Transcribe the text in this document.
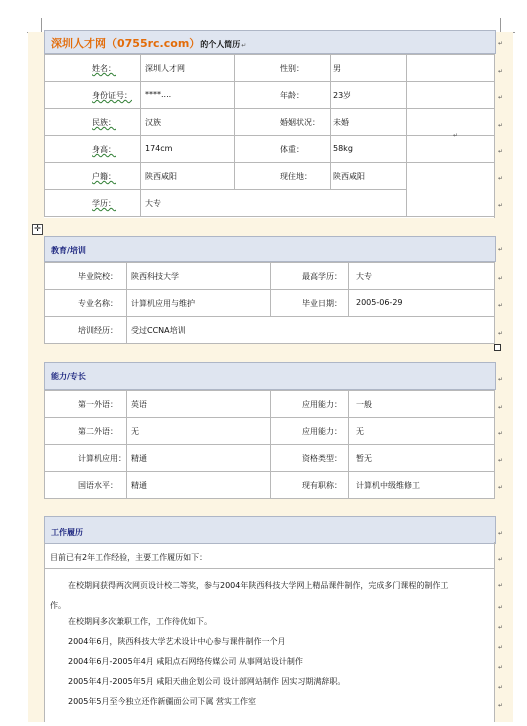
✛
深圳人才网（0755rc.com）的个人简历↵
姓名：	深圳人才网	性别：	男
身份证号： ****....	年龄：	23岁
民族：	汉族	婚姻状况： 未婚
身高：	174cm	体重：	58kg
户籍：	陕西咸阳	现住地：	陕西咸阳
学历：	大专
↵
教育/培训
毕业院校： 陕西科技大学	最高学历： 大专
专业名称： 计算机应用与维护	毕业日期： 2005-06-29
培训经历： 受过CCNA培训
能力/专长
第一外语： 英语	应用能力： 一般
第二外语： 无	应用能力： 无
计算机应用： 精通	资格类型： 暂无
国语水平： 精通	现有职称： 计算机中级维修工
工作履历
目前已有2年工作经验，主要工作履历如下：
在校期间获得两次网页设计校二等奖，参与2004年陕西科技大学网上精品课件制作，完成多门课程的制作工
作。
在校期间多次兼职工作，工作待优如下。
2004年6月，陕西科技大学艺术设计中心参与课件制作一个月
2004年6月-2005年4月 咸阳点石网络传媒公司 从事网站设计制作
2005年4月-2005年5月 咸阳天曲企划公司 设计部网站制作 因实习期满辞职。
2005年5月至今独立还作新疆面公司下属 营实工作室
↵
↵
↵
↵
↵
↵
↵
↵
↵
↵
↵
↵
↵
↵
↵
↵
↵
↵
↵
↵
↵
↵
↵
↵
↵
